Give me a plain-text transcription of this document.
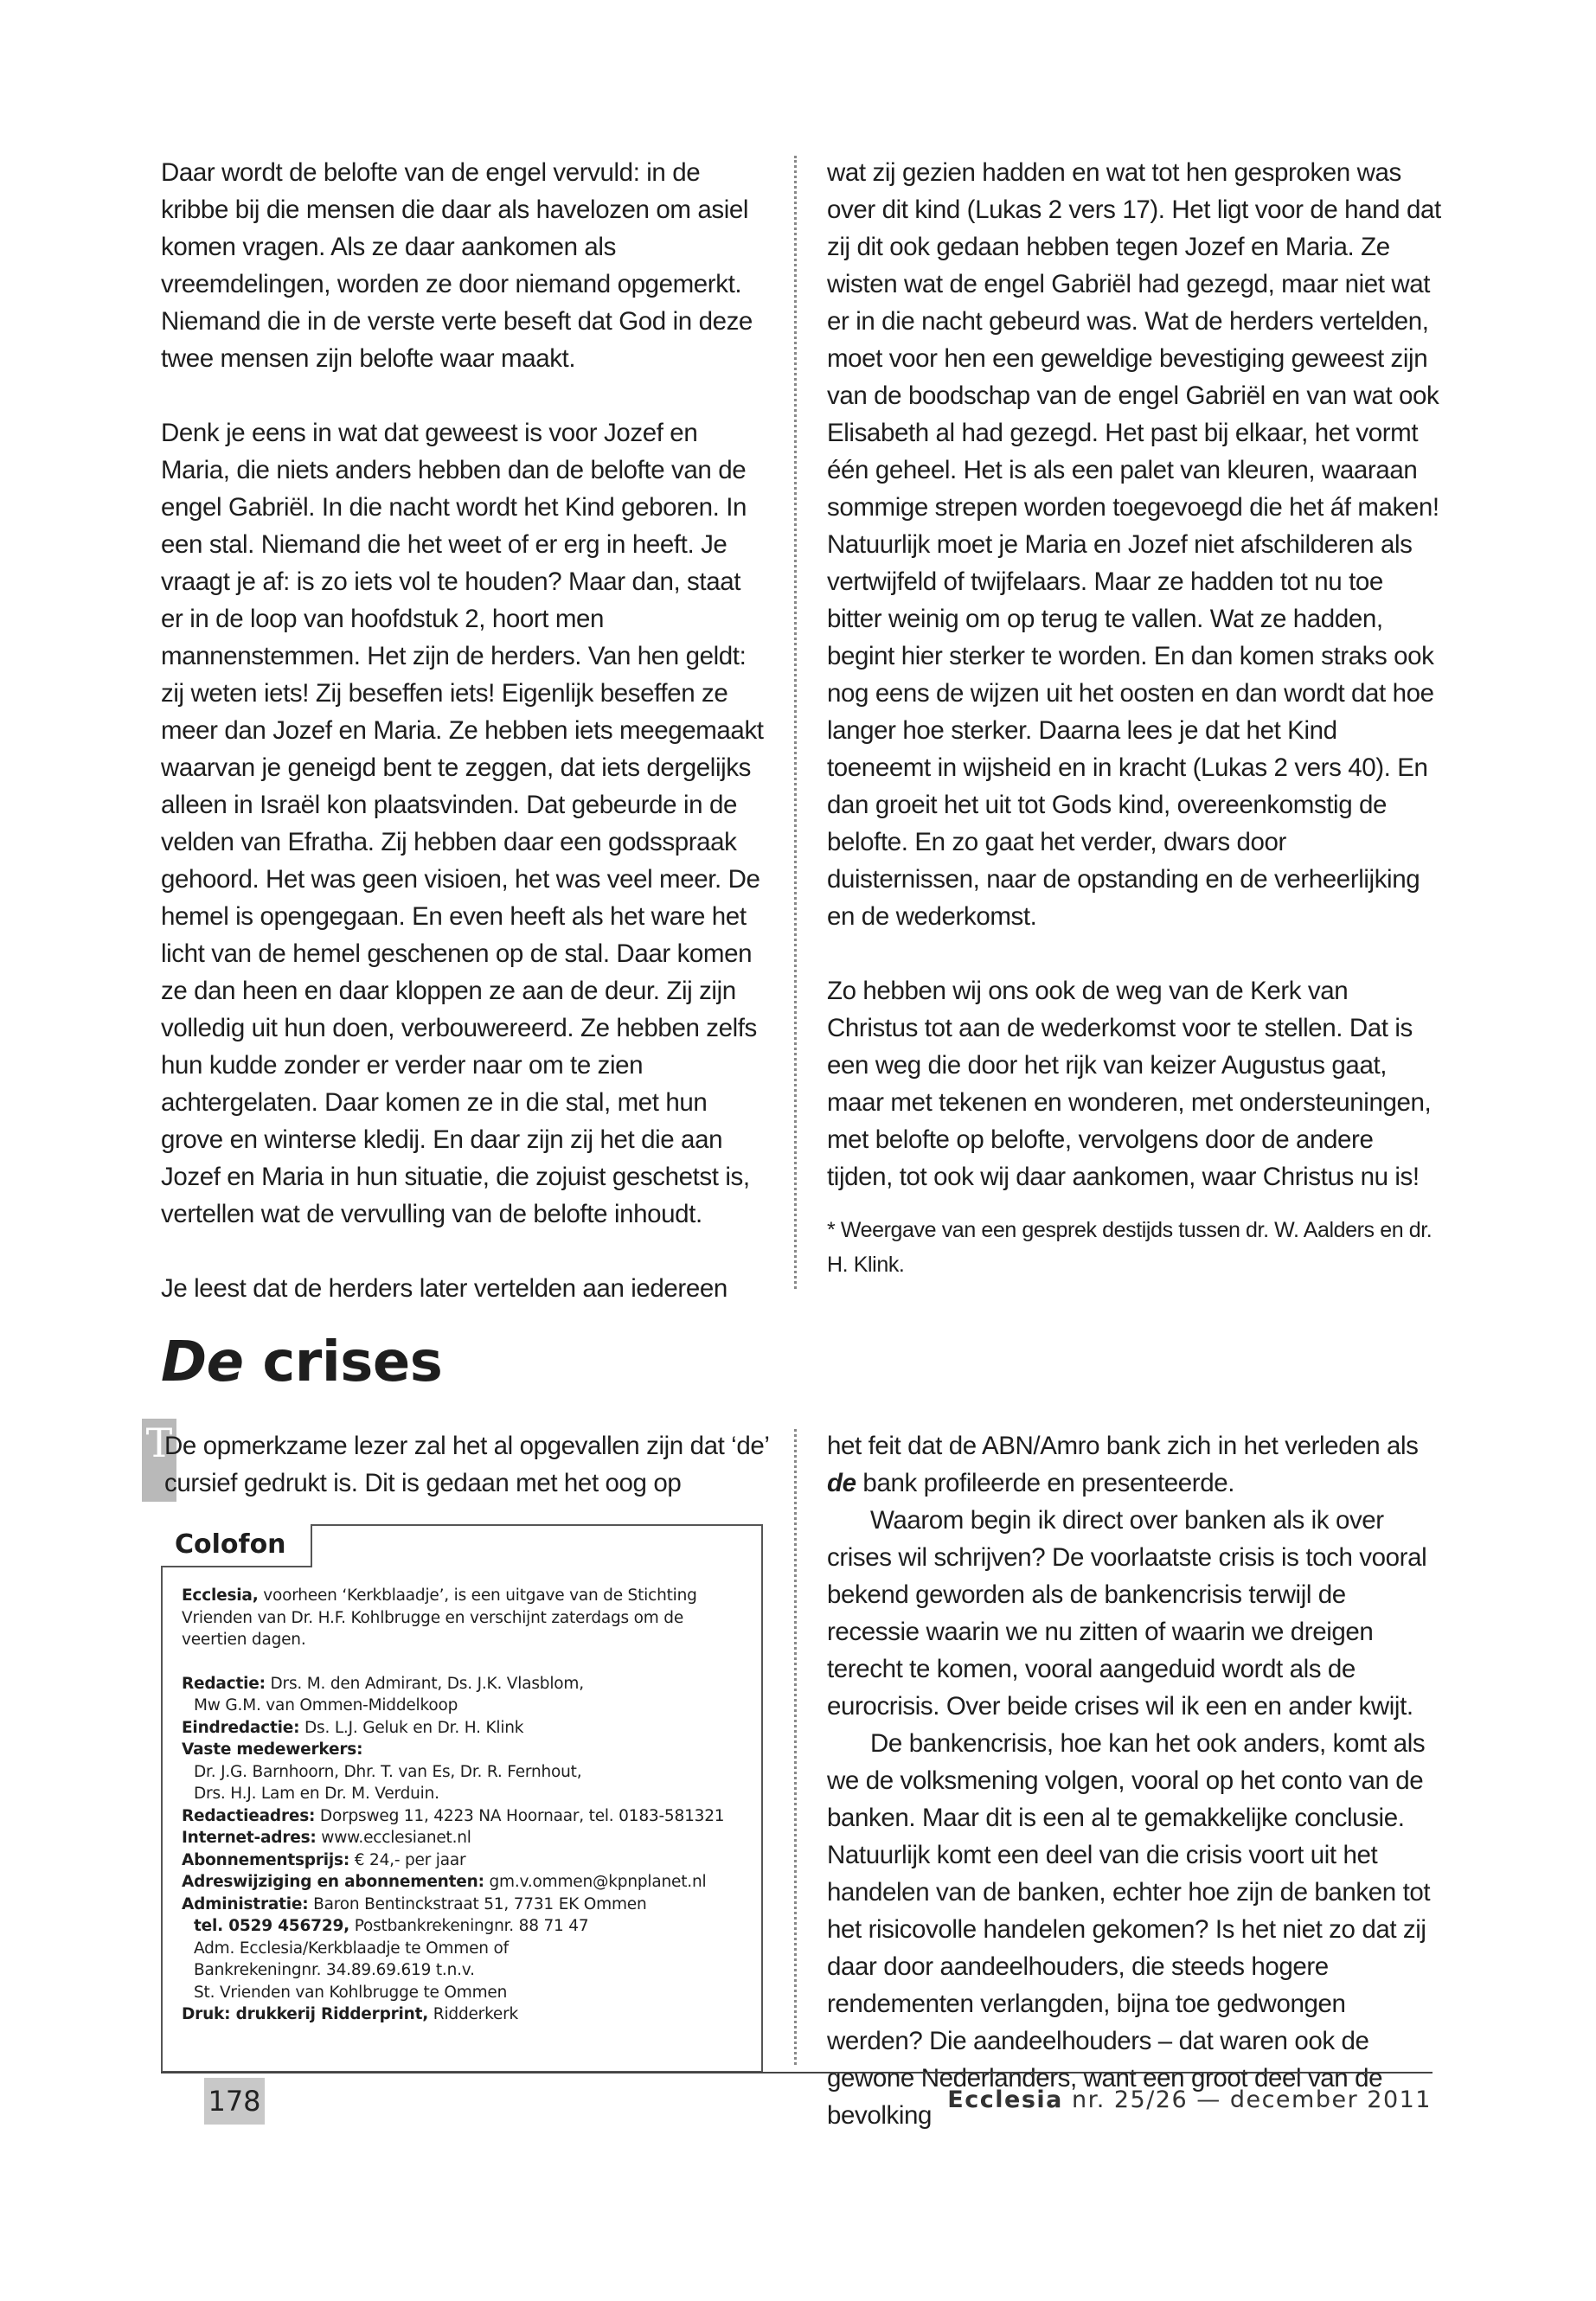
Daar wordt de belofte van de engel vervuld: in de kribbe bij die mensen die daar als havelozen om asiel komen vragen. Als ze daar aankomen als vreemdelingen, worden ze door niemand opgemerkt. Niemand die in de verste verte beseft dat God in deze twee mensen zijn belofte waar maakt.

Denk je eens in wat dat geweest is voor Jozef en Maria, die niets anders hebben dan de belofte van de engel Gabriël. In die nacht wordt het Kind geboren. In een stal. Niemand die het weet of er erg in heeft. Je vraagt je af: is zo iets vol te houden? Maar dan, staat er in de loop van hoofdstuk 2, hoort men mannenstemmen. Het zijn de herders. Van hen geldt: zij weten iets! Zij beseffen iets! Eigenlijk beseffen ze meer dan Jozef en Maria. Ze hebben iets meegemaakt waarvan je geneigd bent te zeggen, dat iets dergelijks alleen in Israël kon plaatsvinden. Dat gebeurde in de velden van Efratha. Zij hebben daar een godsspraak gehoord. Het was geen visioen, het was veel meer. De hemel is opengegaan. En even heeft als het ware het licht van de hemel geschenen op de stal. Daar komen ze dan heen en daar kloppen ze aan de deur. Zij zijn volledig uit hun doen, verbouwereerd. Ze hebben zelfs hun kudde zonder er verder naar om te zien achtergelaten. Daar komen ze in die stal, met hun grove en winterse kledij. En daar zijn zij het die aan Jozef en Maria in hun situatie, die zojuist geschetst is, vertellen wat de vervulling van de belofte inhoudt.

Je leest dat de herders later vertelden aan iedereen

wat zij gezien hadden en wat tot hen gesproken was over dit kind (Lukas 2 vers 17). Het ligt voor de hand dat zij dit ook gedaan hebben tegen Jozef en Maria. Ze wisten wat de engel Gabriël had gezegd, maar niet wat er in die nacht gebeurd was. Wat de herders vertelden, moet voor hen een geweldige bevestiging geweest zijn van de boodschap van de engel Gabriël en van wat ook Elisabeth al had gezegd. Het past bij elkaar, het vormt één geheel. Het is als een palet van kleuren, waaraan sommige strepen worden toegevoegd die het áf maken! Natuurlijk moet je Maria en Jozef niet afschilderen als vertwijfeld of twijfelaars. Maar ze hadden tot nu toe bitter weinig om op terug te vallen. Wat ze hadden, begint hier sterker te worden. En dan komen straks ook nog eens de wijzen uit het oosten en dan wordt dat hoe langer hoe sterker. Daarna lees je dat het Kind toeneemt in wijsheid en in kracht (Lukas 2 vers 40). En dan groeit het uit tot Gods kind, overeenkomstig de belofte. En zo gaat het verder, dwars door duisternissen, naar de opstanding en de verheerlijking en de wederkomst.

Zo hebben wij ons ook de weg van de Kerk van Christus tot aan de wederkomst voor te stellen. Dat is een weg die door het rijk van keizer Augustus gaat, maar met tekenen en wonderen, met ondersteuningen, met belofte op belofte, vervolgens door de andere tijden, tot ook wij daar aankomen, waar Christus nu is!

* Weergave van een gesprek destijds tussen dr. W. Aalders en dr. H. Klink.

De crises
T

De opmerkzame lezer zal het al opgevallen zijn dat ‘de’ cursief gedrukt is. Dit is gedaan met het oog op

Colofon
Ecclesia, voorheen ‘Kerkblaadje’, is een uitgave van de Stichting
Vrienden van Dr. H.F. Kohlbrugge en verschijnt zaterdags om de
veertien dagen.
Redactie: Drs. M. den Admirant, Ds. J.K. Vlasblom,
Mw G.M. van Ommen-Middelkoop
Eindredactie: Ds. L.J. Geluk en Dr. H. Klink
Vaste medewerkers:
Dr. J.G. Barnhoorn, Dhr. T. van Es, Dr. R. Fernhout,
Drs. H.J. Lam en Dr. M. Verduin.
Redactieadres: Dorpsweg 11, 4223 NA Hoornaar, tel. 0183-581321
Internet-adres: www.ecclesianet.nl
Abonnementsprijs: € 24,- per jaar
Adreswijziging en abonnementen: gm.v.ommen@kpnplanet.nl
Administratie: Baron Bentinckstraat 51, 7731 EK Ommen
tel. 0529 456729, Postbankrekeningnr. 88 71 47
Adm. Ecclesia/Kerkblaadje te Ommen of
Bankrekeningnr. 34.89.69.619 t.n.v.
St. Vrienden van Kohlbrugge te Ommen
Druk: drukkerij Ridderprint, Ridderkerk

het feit dat de ABN/Amro bank zich in het verleden als de bank profileerde en presenteerde.

Waarom begin ik direct over banken als ik over crises wil schrijven? De voorlaatste crisis is toch vooral bekend geworden als de bankencrisis terwijl de recessie waarin we nu zitten of waarin we dreigen terecht te komen, vooral aangeduid wordt als de eurocrisis. Over beide crises wil ik een en ander kwijt.

De bankencrisis, hoe kan het ook anders, komt als we de volksmening volgen, vooral op het conto van de banken. Maar dit is een al te gemakkelijke conclusie. Natuurlijk komt een deel van die crisis voort uit het handelen van de banken, echter hoe zijn de banken tot het risicovolle handelen gekomen? Is het niet zo dat zij daar door aandeelhouders, die steeds hogere rendementen verlangden, bijna toe gedwongen werden? Die aandeelhouders – dat waren ook de gewone Nederlanders, want een groot deel van de bevolking

178	Ecclesia nr. 25/26 — december 2011
